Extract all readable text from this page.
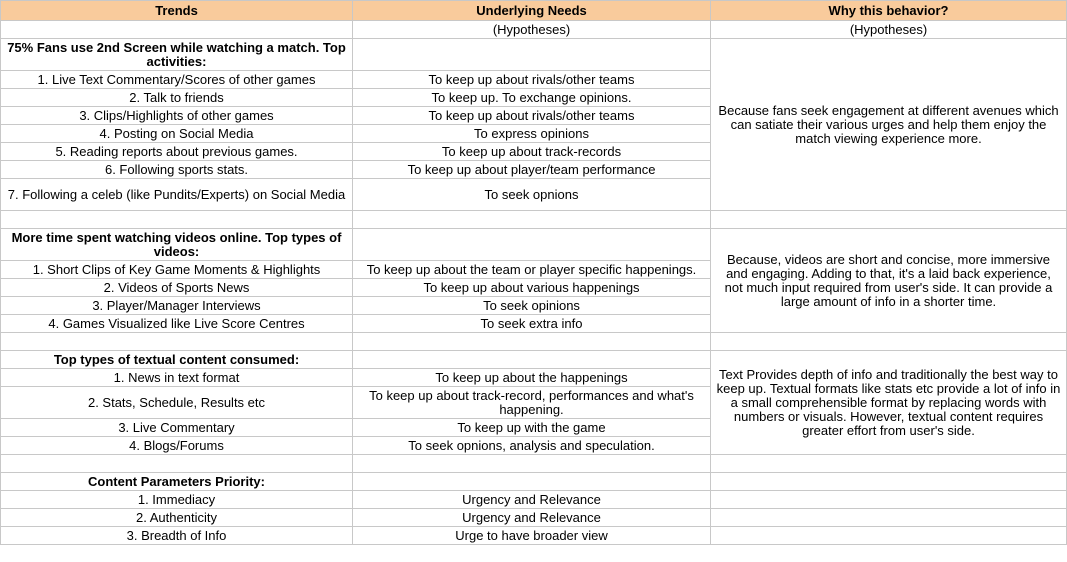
Trends	Underlying Needs	Why this behavior?
	(Hypotheses)	(Hypotheses)
75% Fans use 2nd Screen while watching a match. Top activities:		Because fans seek engagement at different avenues which can satiate their various urges and help them enjoy the match viewing experience more.
1. Live Text Commentary/Scores of other games	To keep up about rivals/other teams	
2. Talk to friends	To keep up. To exchange opinions.	
3. Clips/Highlights of other games	To keep up about rivals/other teams	
4. Posting on Social Media	To express opinions	
5. Reading reports about previous games.	To keep up about track-records	
6. Following sports stats.	To keep up about player/team performance	
7. Following a celeb (like Pundits/Experts) on Social Media	To seek opnions	

More time spent watching videos online. Top types of videos:		Because, videos are short and concise, more immersive and engaging. Adding to that, it's a laid back experience, not much input required from user's side. It can provide a large amount of info in a shorter time.
1. Short Clips of Key Game Moments & Highlights	To keep up about the team or player specific happenings.	
2. Videos of Sports News	To keep up about various happenings	
3. Player/Manager Interviews	To seek opinions	
4. Games Visualized like Live Score Centres	To seek extra info	

Top types of textual content consumed:		Text Provides depth of info and traditionally the best way to keep up. Textual formats like stats etc provide a lot of info in a small comprehensible format by replacing words with numbers or visuals. However, textual content requires greater effort from user's side.
1. News in text format	To keep up about the happenings	
2. Stats, Schedule, Results etc	To keep up about track-record, performances and what's happening.	
3. Live Commentary	To keep up with the game	
4. Blogs/Forums	To seek opnions, analysis and speculation.	

Content Parameters Priority:		
1. Immediacy	Urgency and Relevance	
2. Authenticity	Urgency and Relevance	
3. Breadth of Info	Urge to have broader view	
